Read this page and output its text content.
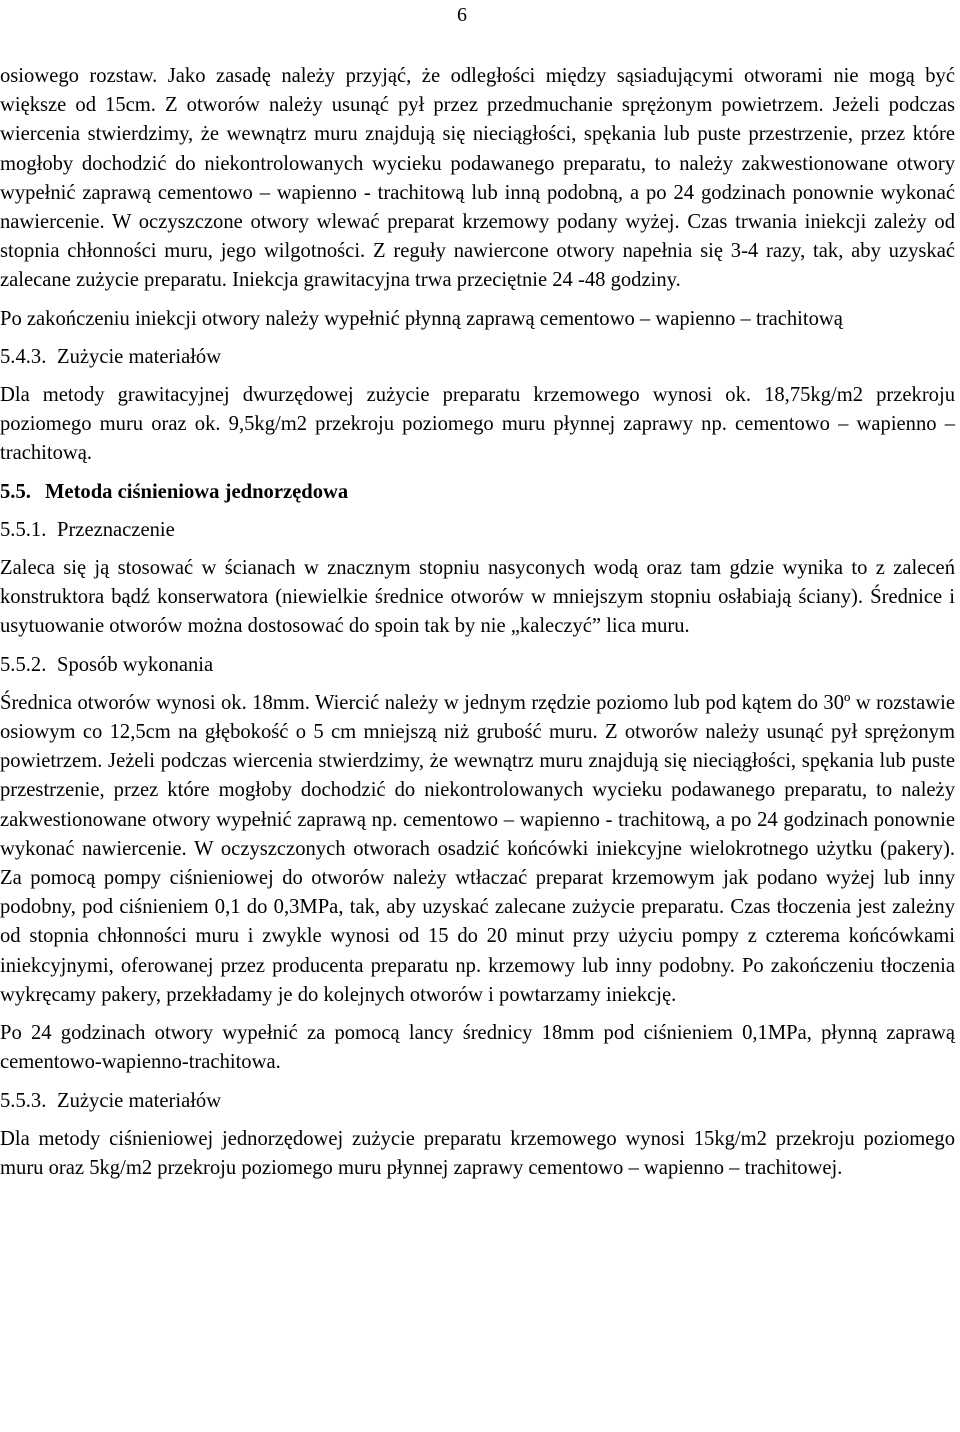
6

osiowego rozstaw. Jako zasadę należy przyjąć, że odległości między sąsiadującymi otworami nie mogą być większe od 15cm. Z otworów należy usunąć pył przez przedmuchanie sprężonym powietrzem. Jeżeli podczas wiercenia stwierdzimy, że wewnątrz muru znajdują się nieciągłości, spękania lub puste przestrzenie, przez które mogłoby dochodzić do niekontrolowanych wycieku podawanego preparatu, to należy zakwestionowane otwory wypełnić zaprawą cementowo – wapienno - trachitową lub inną podobną, a po 24 godzinach ponownie wykonać nawiercenie. W oczyszczone otwory wlewać preparat krzemowy podany wyżej. Czas trwania iniekcji zależy od stopnia chłonności muru, jego wilgotności. Z reguły nawiercone otwory napełnia się 3-4 razy, tak, aby uzyskać zalecane zużycie preparatu. Iniekcja grawitacyjna trwa przeciętnie 24 -48 godziny.

Po zakończeniu iniekcji otwory należy wypełnić płynną zaprawą cementowo – wapienno – trachitową

5.4.3. Zużycie materiałów

Dla metody grawitacyjnej dwurzędowej zużycie preparatu krzemowego wynosi ok. 18,75kg/m2 przekroju poziomego muru oraz ok. 9,5kg/m2 przekroju poziomego muru płynnej zaprawy np. cementowo – wapienno – trachitową.

5.5. Metoda ciśnieniowa jednorzędowa
5.5.1. Przeznaczenie

Zaleca się ją stosować w ścianach w znacznym stopniu nasyconych wodą oraz tam gdzie wynika to z zaleceń konstruktora bądź konserwatora (niewielkie średnice otworów w mniejszym stopniu osłabiają ściany). Średnice i usytuowanie otworów można dostosować do spoin tak by nie „kaleczyć” lica muru.

5.5.2. Sposób wykonania

Średnica otworów wynosi ok. 18mm. Wiercić należy w jednym rzędzie poziomo lub pod kątem do 30º w rozstawie osiowym co 12,5cm na głębokość o 5 cm mniejszą niż grubość muru. Z otworów należy usunąć pył sprężonym powietrzem. Jeżeli podczas wiercenia stwierdzimy, że wewnątrz muru znajdują się nieciągłości, spękania lub puste przestrzenie, przez które mogłoby dochodzić do niekontrolowanych wycieku podawanego preparatu, to należy zakwestionowane otwory wypełnić zaprawą np. cementowo – wapienno - trachitową, a po 24 godzinach ponownie wykonać nawiercenie. W oczyszczonych otworach osadzić końcówki iniekcyjne wielokrotnego użytku (pakery). Za pomocą pompy ciśnieniowej do otworów należy wtłaczać preparat krzemowym jak podano wyżej lub inny podobny, pod ciśnieniem 0,1 do 0,3MPa, tak, aby uzyskać zalecane zużycie preparatu. Czas tłoczenia jest zależny od stopnia chłonności muru i zwykle wynosi od 15 do 20 minut przy użyciu pompy z czterema końcówkami iniekcyjnymi, oferowanej przez producenta preparatu np. krzemowy lub inny podobny. Po zakończeniu tłoczenia wykręcamy pakery, przekładamy je do kolejnych otworów i powtarzamy iniekcję.

Po 24 godzinach otwory wypełnić za pomocą lancy średnicy 18mm pod ciśnieniem 0,1MPa, płynną zaprawą cementowo-wapienno-trachitowa.

5.5.3. Zużycie materiałów

Dla metody ciśnieniowej jednorzędowej zużycie preparatu krzemowego wynosi 15kg/m2 przekroju poziomego muru oraz 5kg/m2 przekroju poziomego muru płynnej zaprawy cementowo – wapienno – trachitowej.
